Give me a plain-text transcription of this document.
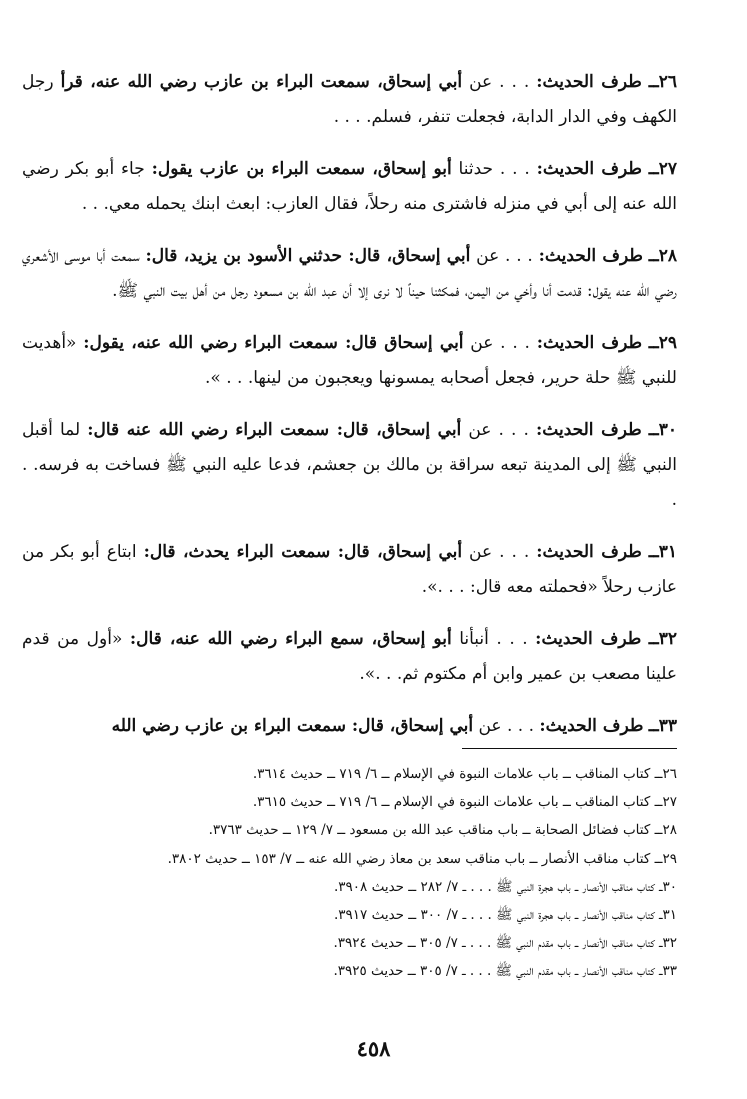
٢٦ــ طرف الحديث: . . . عن أبي إسحاق، سمعت البراء بن عازب رضي الله عنه، قرأ رجل الكهف وفي الدار الدابة، فجعلت تنفر، فسلم. . . .

٢٧ــ طرف الحديث: . . . حدثنا أبو إسحاق، سمعت البراء بن عازب يقول: جاء أبو بكر رضي الله عنه إلى أبي في منزله فاشترى منه رحلاً، فقال العازب: ابعث ابنك يحمله معي. . .

٢٨ــ طرف الحديث: . . . عن أبي إسحاق، قال: حدثني الأسود بن يزيد، قال: سمعت أبا موسى الأشعري رضي الله عنه يقول: قدمت أنا وأخي من اليمن، فمكثنا حيناً لا نرى إلا أن عبد الله بن مسعود رجل من أهل بيت النبي ﷺ.

٢٩ــ طرف الحديث: . . . عن أبي إسحاق قال: سمعت البراء رضي الله عنه، يقول: «أهديت للنبي ﷺ حلة حرير، فجعل أصحابه يمسونها ويعجبون من لينها. . . ».

٣٠ــ طرف الحديث: . . . عن أبي إسحاق، قال: سمعت البراء رضي الله عنه قال: لما أقبل النبي ﷺ إلى المدينة تبعه سراقة بن مالك بن جعشم، فدعا عليه النبي ﷺ فساخت به فرسه. . .

٣١ــ طرف الحديث: . . . عن أبي إسحاق، قال: سمعت البراء يحدث، قال: ابتاع أبو بكر من عازب رحلاً «فحملته معه قال: . . .».

٣٢ــ طرف الحديث: . . . أنبأنا أبو إسحاق، سمع البراء رضي الله عنه، قال: «أول من قدم علينا مصعب بن عمير وابن أم مكتوم ثم. . .».

٣٣ــ طرف الحديث: . . . عن أبي إسحاق، قال: سمعت البراء بن عازب رضي الله

٢٦ــ كتاب المناقب ــ باب علامات النبوة في الإسلام ــ ٦/ ٧١٩ ــ حديث ٣٦١٤.
٢٧ــ كتاب المناقب ــ باب علامات النبوة في الإسلام ــ ٦/ ٧١٩ ــ حديث ٣٦١٥.
٢٨ــ كتاب فضائل الصحابة ــ باب مناقب عبد الله بن مسعود ــ ٧/ ١٢٩ ــ حديث ٣٧٦٣.
٢٩ــ كتاب مناقب الأنصار ــ باب مناقب سعد بن معاذ رضي الله عنه ــ ٧/ ١٥٣ ــ حديث ٣٨٠٢.
٣٠ــ كتاب مناقب الأنصار ــ باب هجرة النبي ﷺ . . . ــ ٧/ ٢٨٢ ــ حديث ٣٩٠٨.
٣١ــ كتاب مناقب الأنصار ــ باب هجرة النبي ﷺ . . . ــ ٧/ ٣٠٠ ــ حديث ٣٩١٧.
٣٢ــ كتاب مناقب الأنصار ــ باب مقدم النبي ﷺ . . . ــ ٧/ ٣٠٥ ــ حديث ٣٩٢٤.
٣٣ــ كتاب مناقب الأنصار ــ باب مقدم النبي ﷺ . . . ــ ٧/ ٣٠٥ ــ حديث ٣٩٢٥.
٤٥٨
